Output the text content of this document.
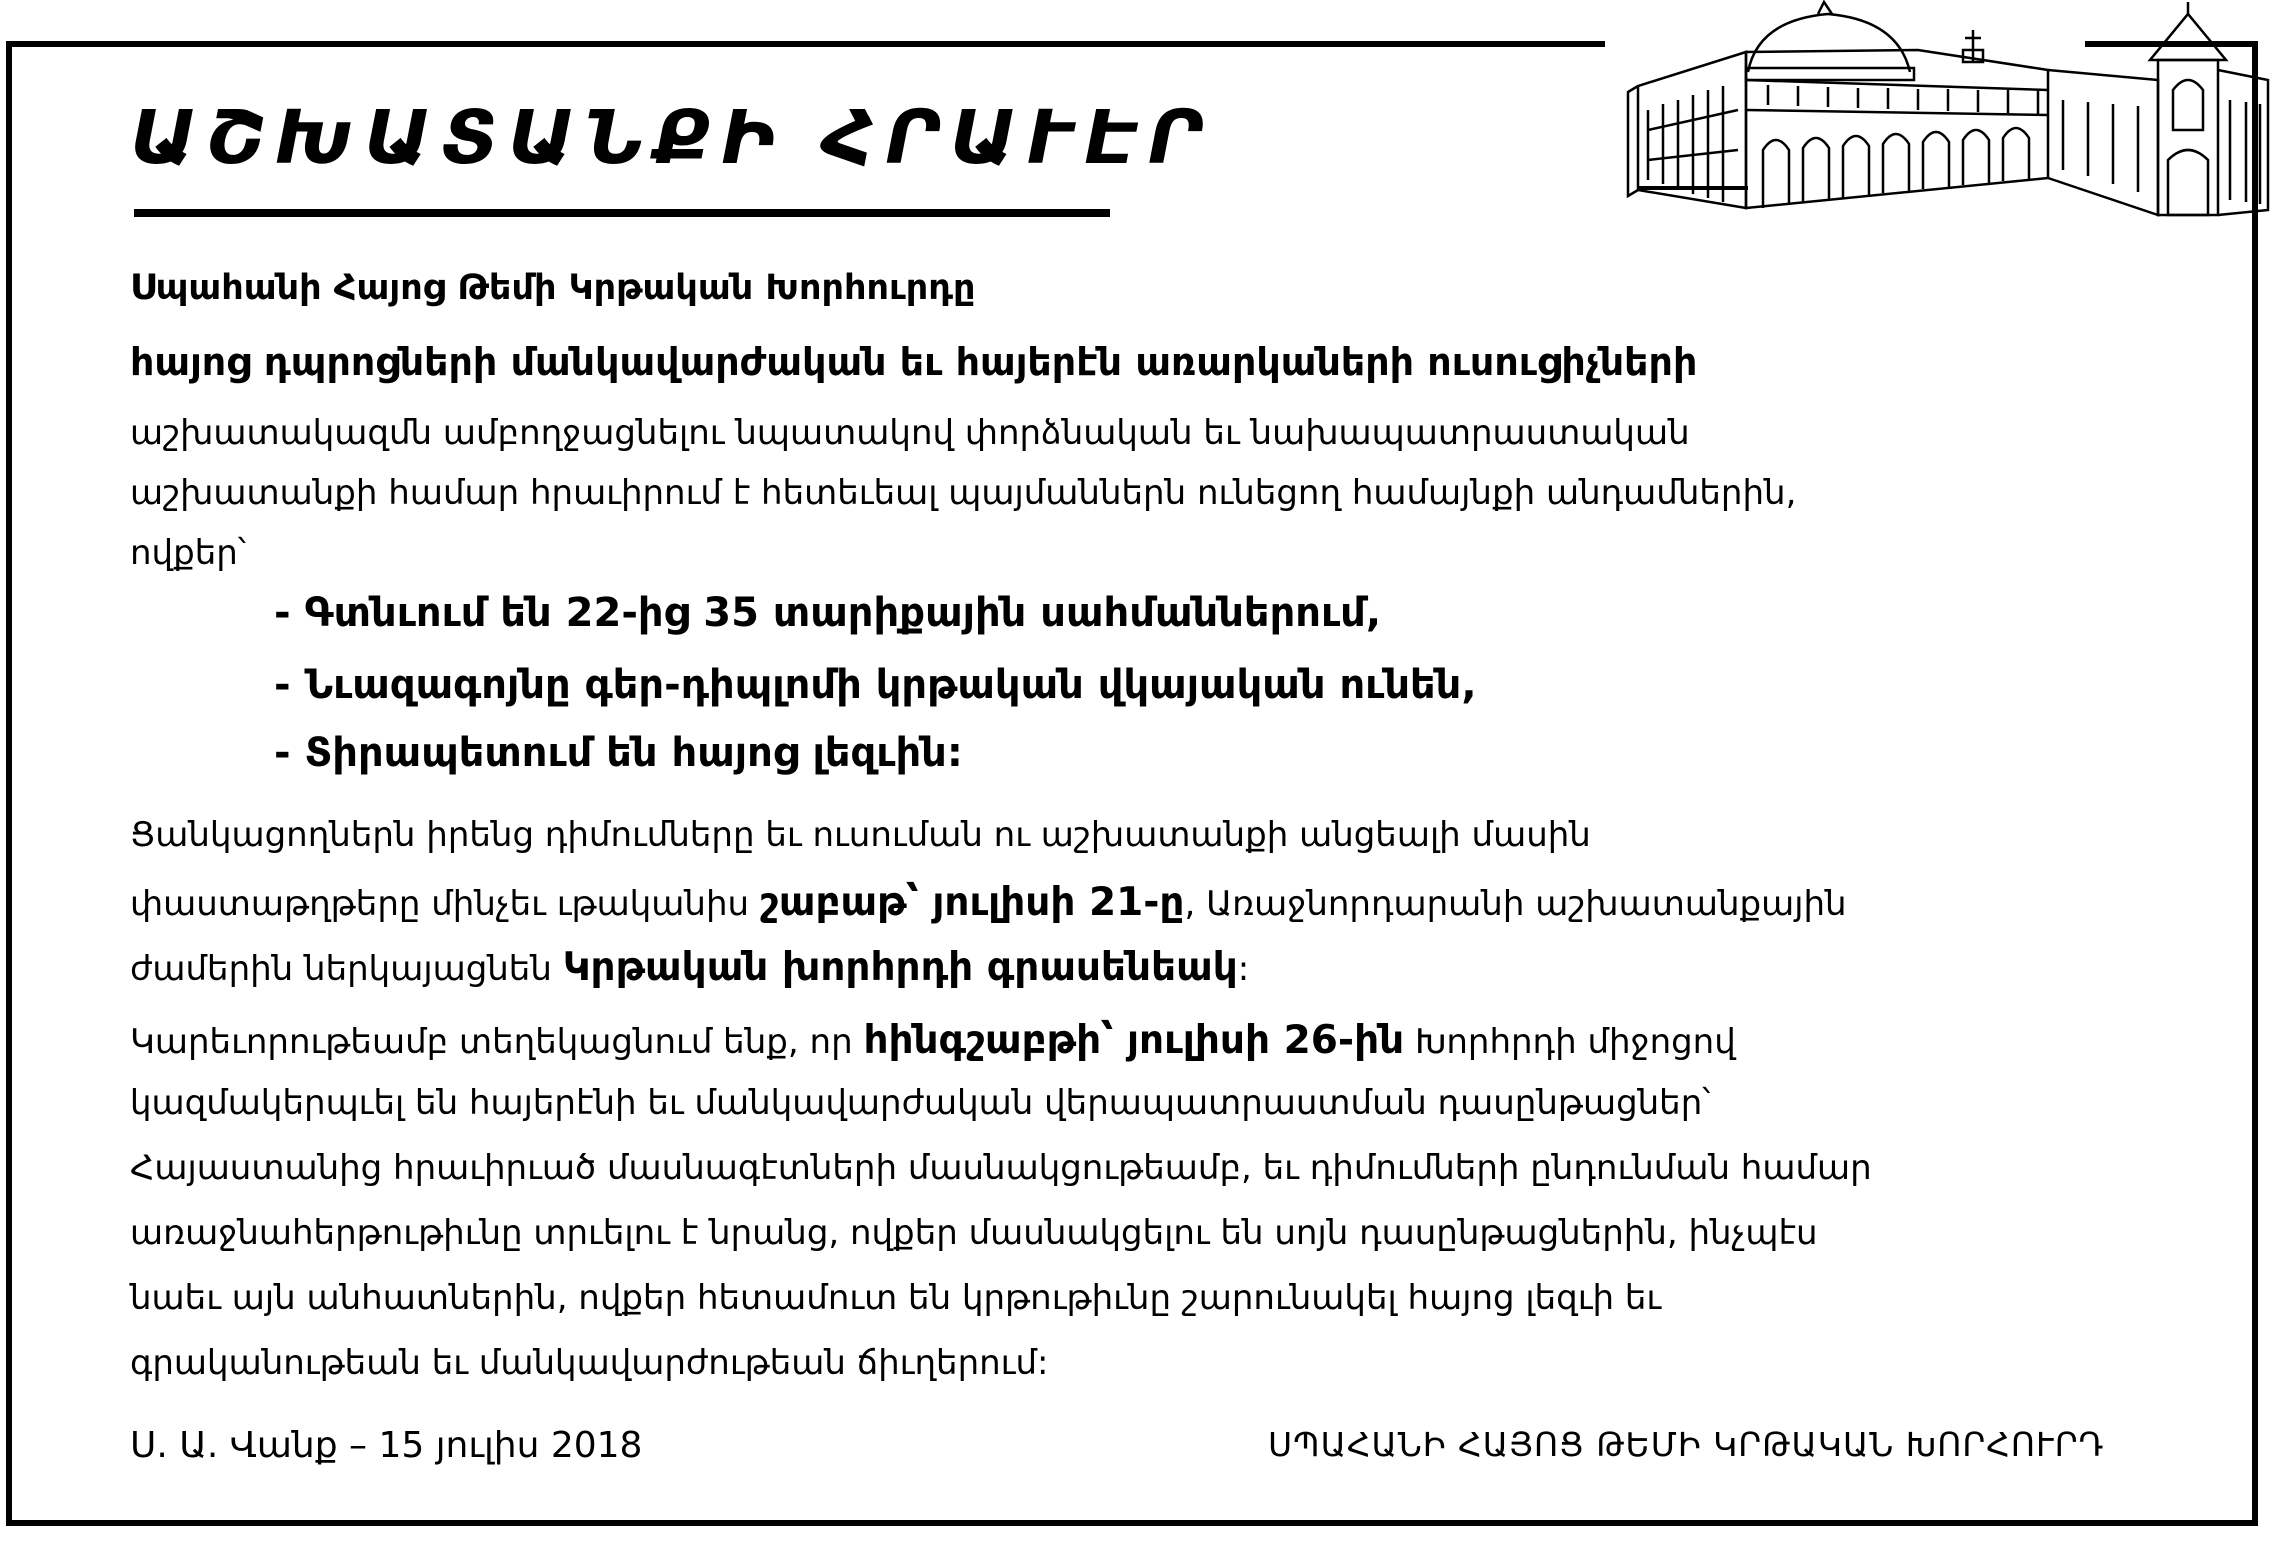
ԱՇԽԱՏԱՆՔԻ ՀՐԱՒԷՐ
Սպահանի Հայոց Թեմի Կրթական Խորհուրդը
հայոց դպրոցների մանկավարժական եւ հայերէն առարկաների ուսուցիչների
աշխատակազմն ամբողջացնելու նպատակով փորձնական եւ նախապատրաստական
աշխատանքի համար հրաւիրում է հետեւեալ պայմաններն ունեցող համայնքի անդամներին,
ովքեր՝
- Գտնւում են 22-ից 35 տարիքային սահմաններում,
- Նւազագոյնը գեր-դիպլոմի կրթական վկայական ունեն,
- Տիրապետում են հայոց լեզւին:
Ցանկացողներն իրենց դիմումները եւ ուսուման ու աշխատանքի անցեալի մասին
փաստաթղթերը մինչեւ ւթականիս շաբաթ՝ յուլիսի 21-ը, Առաջնորդարանի աշխատանքային
ժամերին ներկայացնեն Կրթական խորհրդի գրասենեակ:
Կարեւորութեամբ տեղեկացնում ենք, որ հինգշաբթի՝ յուլիսի 26-ին Խորհրդի միջոցով
կազմակերպւել են հայերէնի եւ մանկավարժական վերապատրաստման դասընթացներ՝
Հայաստանից հրաւիրւած մասնագէտների մասնակցութեամբ, եւ դիմումների ընդունման համար
առաջնահերթութիւնը տրւելու է նրանց, ովքեր մասնակցելու են սոյն դասընթացներին, ինչպէս
նաեւ այն անհատներին, ովքեր հետամուտ են կրթութիւնը շարունակել հայոց լեզւի եւ
գրականութեան եւ մանկավարժութեան ճիւղերում:
Ս. Ա. Վանք – 15 յուլիս 2018	ՍՊԱՀԱՆԻ ՀԱՅՈՑ ԹԵՄԻ ԿՐԹԱԿԱՆ ԽՈՐՀՈՒՐԴ
